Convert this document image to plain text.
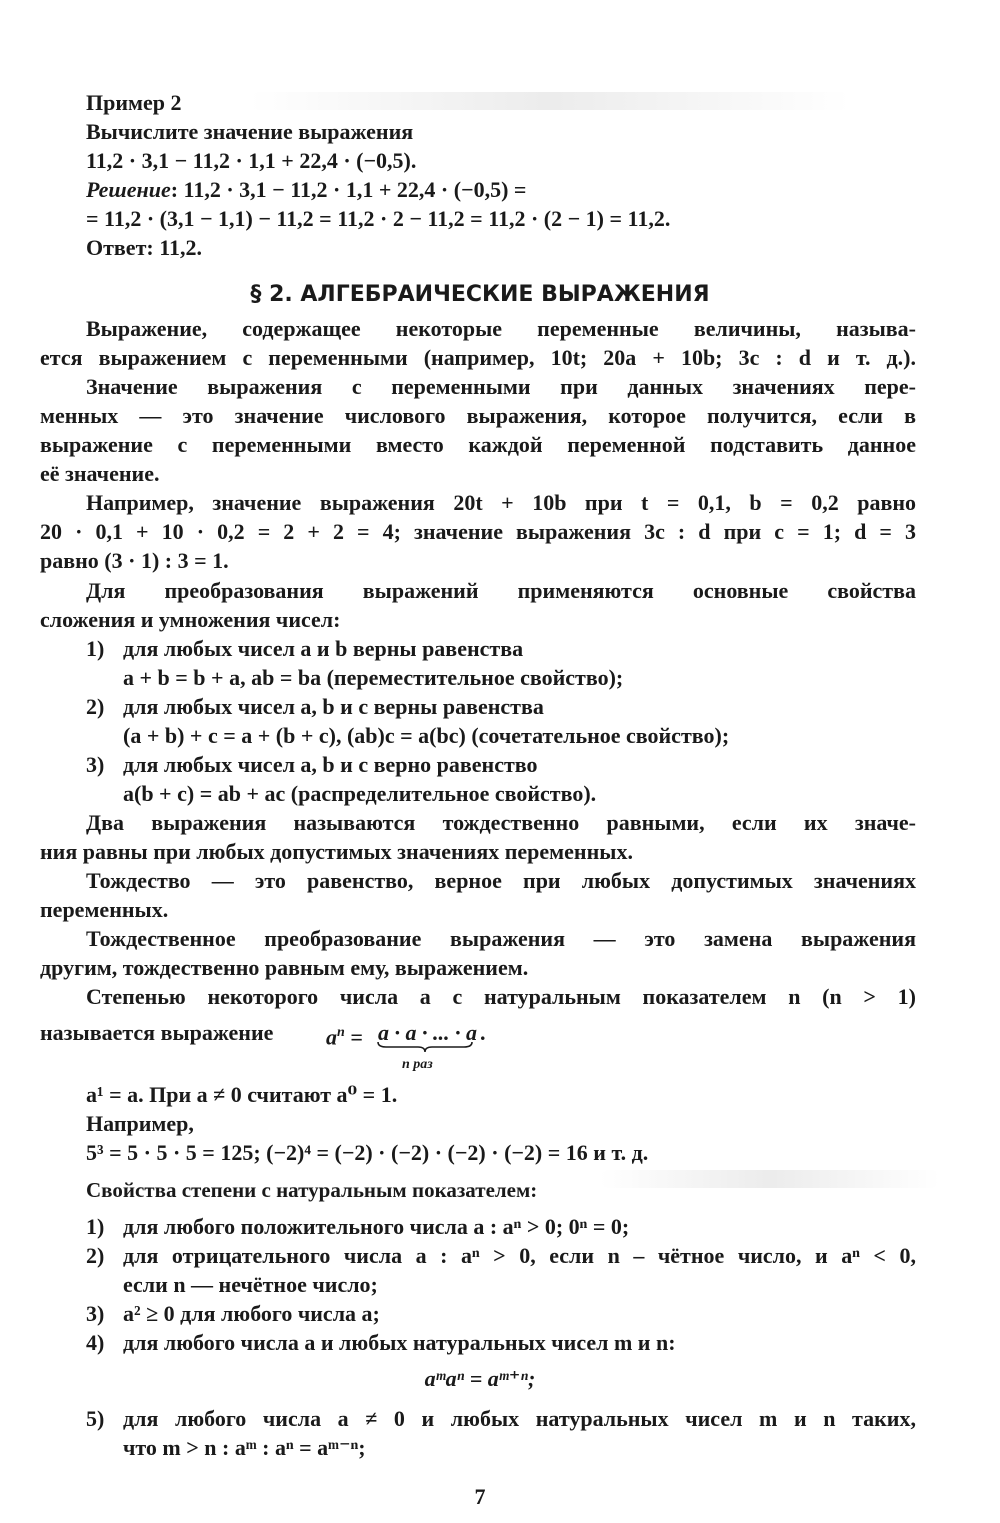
Пример 2
Вычислите значение выражения
11,2 · 3,1 − 11,2 · 1,1 + 22,4 · (−0,5).
Решение: 11,2 · 3,1 − 11,2 · 1,1 + 22,4 · (−0,5) =
= 11,2 · (3,1 − 1,1) − 11,2 = 11,2 · 2 − 11,2 = 11,2 · (2 − 1) = 11,2.
Ответ: 11,2.
§ 2. АЛГЕБРАИЧЕСКИЕ ВЫРАЖЕНИЯ
Выражение, содержащее некоторые переменные величины, называ-
ется выражением с переменными (например, 10t; 20a + 10b; 3c : d и т. д.).
Значение выражения с переменными при данных значениях пере-
менных — это значение числового выражения, которое получится, если в
выражение с переменными вместо каждой переменной подставить данное
её значение.
Например, значение выражения 20t + 10b при t = 0,1, b = 0,2 равно
20 · 0,1 + 10 · 0,2 = 2 + 2 = 4; значение выражения 3c : d при c = 1; d = 3
равно (3 · 1) : 3 = 1.
Для преобразования выражений применяются основные свойства
сложения и умножения чисел:
1) для любых чисел a и b верны равенства
a + b = b + a, ab = ba (переместительное свойство);
2) для любых чисел a, b и c верны равенства
(a + b) + c = a + (b + c), (ab)c = a(bc) (сочетательное свойство);
3) для любых чисел a, b и c верно равенство
a(b + c) = ab + ac (распределительное свойство).
Два выражения называются тождественно равными, если их значе-
ния равны при любых допустимых значениях переменных.
Тождество — это равенство, верное при любых допустимых значениях
переменных.
Тождественное преобразование выражения — это замена выражения
другим, тождественно равным ему, выражением.
Степенью некоторого числа a с натуральным показателем n (n > 1)
называется выражение $a^n = a \cdot a$ · ... · a
n раз
.
a¹ = a. При a ≠ 0 считают a⁰ = 1.
Например,
5³ = 5 · 5 · 5 = 125; (−2)⁴ = (−2) · (−2) · (−2) · (−2) = 16 и т. д.
Свойства степени с натуральным показателем:
1) для любого положительного числа a : aⁿ > 0; 0ⁿ = 0;
2) для отрицательного числа a : aⁿ > 0, если n – чётное число, и aⁿ < 0,
если n — нечётное число;
3) a² ≥ 0 для любого числа a;
4) для любого числа a и любых натуральных чисел m и n:
aᵐaⁿ = aᵐ⁺ⁿ;
5) для любого числа a ≠ 0 и любых натуральных чисел m и n таких,
что m > n : aᵐ : aⁿ = aᵐ⁻ⁿ;
7
